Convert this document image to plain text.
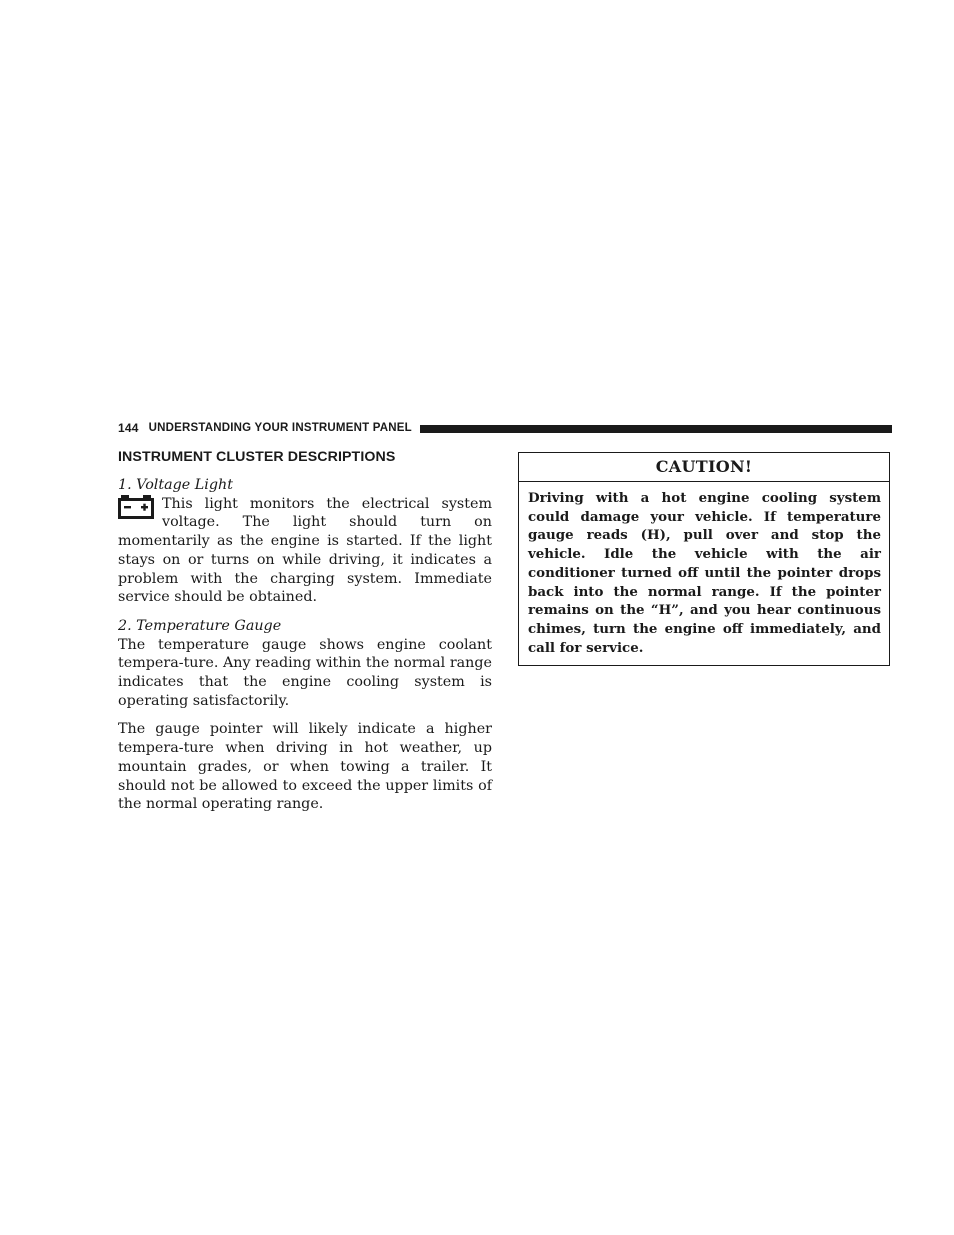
144 UNDERSTANDING YOUR INSTRUMENT PANEL
INSTRUMENT CLUSTER DESCRIPTIONS
1. Voltage Light

This light monitors the electrical system voltage. The light should turn on momentarily as the engine is started. If the light stays on or turns on while driving, it indicates a problem with the charging system. Immediate service should be obtained.

2. Temperature Gauge

The temperature gauge shows engine coolant tempera-ture. Any reading within the normal range indicates that the engine cooling system is operating satisfactorily.

The gauge pointer will likely indicate a higher tempera-ture when driving in hot weather, up mountain grades, or when towing a trailer. It should not be allowed to exceed the upper limits of the normal operating range.

CAUTION!
Driving with a hot engine cooling system could damage your vehicle. If temperature gauge reads (H), pull over and stop the vehicle. Idle the vehicle with the air conditioner turned off until the pointer drops back into the normal range. If the pointer remains on the “H”, and you hear continuous chimes, turn the engine off immediately, and call for service.
